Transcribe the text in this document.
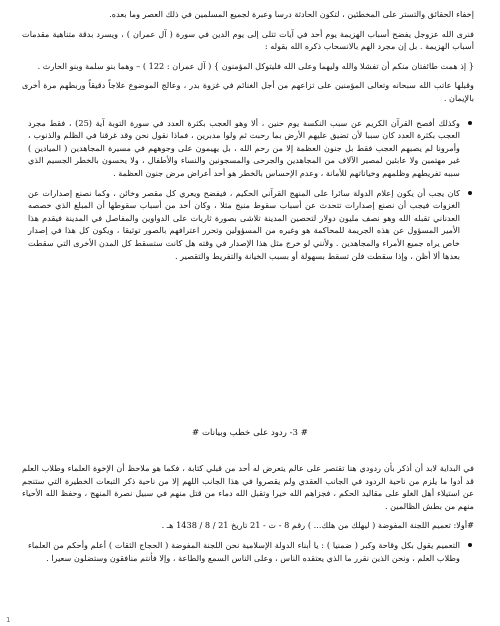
إخفاء الحقائق والتستر على المخطئين ، لتكون الحادثة درسا وعبرة لجميع المسلمين في ذلك العصر وما بعده.

فنرى الله عزوجل يفضح أسباب الهزيمة يوم أحد في آيات تتلى إلى يوم الدين في سورة ( آل عمران ) ، ويسرد بدقة متناهية مقدمات أسباب الهزيمة . بل إن مجرد الهم بالانسحاب ذكره الله بقوله :

{ إذ همت طائفتان منكم أن تفشلا والله وليهما وعلى الله فليتوكل المؤمنون } ( آل عمران : 122 ) – وهما بنو سلمة وبنو الحارث .

وقبلها عاتب الله سبحانه وتعالى المؤمنين على تزاعهم من أجل الغنائم في غزوة بدر ، وعالج الموضوع علاجاً دقيقاً وربطهم مرة أخرى بالإيمان .

وكذلك أفصح القرآن الكريم عن سبب النكسة يوم حنين ، ألا وهو العجب بكثرة العدد في سورة التوبة آية (25) ، فقط مجرد العجب بكثرة العدد كان سببا لأن تضيق عليهم الأرض بما رحبت ثم ولوا مدبرين ، فماذا نقول نحن وقد غرقنا في الظلم والذنوب ، وأمرونا لم يصبهم العجب فقط بل جنون العظمة إلا من رحم الله ، بل يهيمون على وجوههم في مسيرة المجاهدين ( الميادين ) غير مهتمين ولا عابئين لمصير الآلاف من المجاهدين والجرحى والمسجونين والنساء والأطفال ، ولا يحسون بالخطر الجسيم الذي سببه تفريطهم وظلمهم وخياناتهم للأمانة ، وعدم الإحساس بالخطر هو أحد أعراض مرض جنون العظمة .
كان يجب أن يكون إعلام الدولة سائرا على المنهج القرآني الحكيم ، فيفضح ويعري كل مقصر وخائن ، وكما نصنع إصدارات عن الغزوات فيجب أن نصنع إصدارات تتحدث عن أسباب سقوط منبج مثلا ، وكان أحد من أسباب سقوطها أن المبلغ الذي خصصه العدناني تقبله الله وهو نصف مليون دولار لتحصين المدينة تلاشى بصورة ثاريات على الدواوين والمفاصل في المدينة فيقدم هذا الأمير المسؤول عن هذه الجريمة للمحاكمة هو وغيره من المسؤولين وتحرر اعترافهم بالصور توثيقا ، ويكون كل هذا في إصدار خاص يراه جميع الأمراء والمجاهدين . ولأنني لو خرج مثل هذا الإصدار في وقته هل كانت ستسقط كل المدن الأخرى التي سقطت بعدها ألا أظن ، وإذا سقطت فلن تسقط بسهولة أو بسبب الخيانة والتفريط والتقصير .
# 3- ردود على خطب وبيانات #

في البداية لابد أن أذكر بأن ردودي هنا تقتصر على عالم يتعرض له أحد من قبلي كتابة ، فكما هو ملاحظ أن الإخوة العلماء وطلاب العلم قد أدوا ما يلزم من ناحية الردود في الجانب العقدي ولم يقصروا في هذا الجانب اللهم إلا من ناحية ذكر التبعات الخطيرة التي ستنجم عن استيلاء أهل الغلو على مقاليد الحكم ، فجزاهم الله خيرا وتقبل الله دماء من قتل منهم في سبيل نصرة المنهج ، وحفظ الله الأحياء منهم من بطش الظالمين .

#أولا: تعميم اللجنة المفوضة ( ليهلك من هلك... ) رقم 8 - ت - 21 تاريخ 21 / 8 / 1438 هـ .

التعميم يقول بكل وقاحة وكبر ( ضمنيا ) : يا أبناء الدولة الإسلامية نحن اللجنة المفوضة ( الحجاج الثقات ) أعلم وأحكم من العلماء وطلاب العلم ، ونحن الذين نقرر ما الذي يعتقده الناس ، وعلى الناس السمع والطاعة ، وإلا فأنتم منافقون وستضلون سعيرا .
1
